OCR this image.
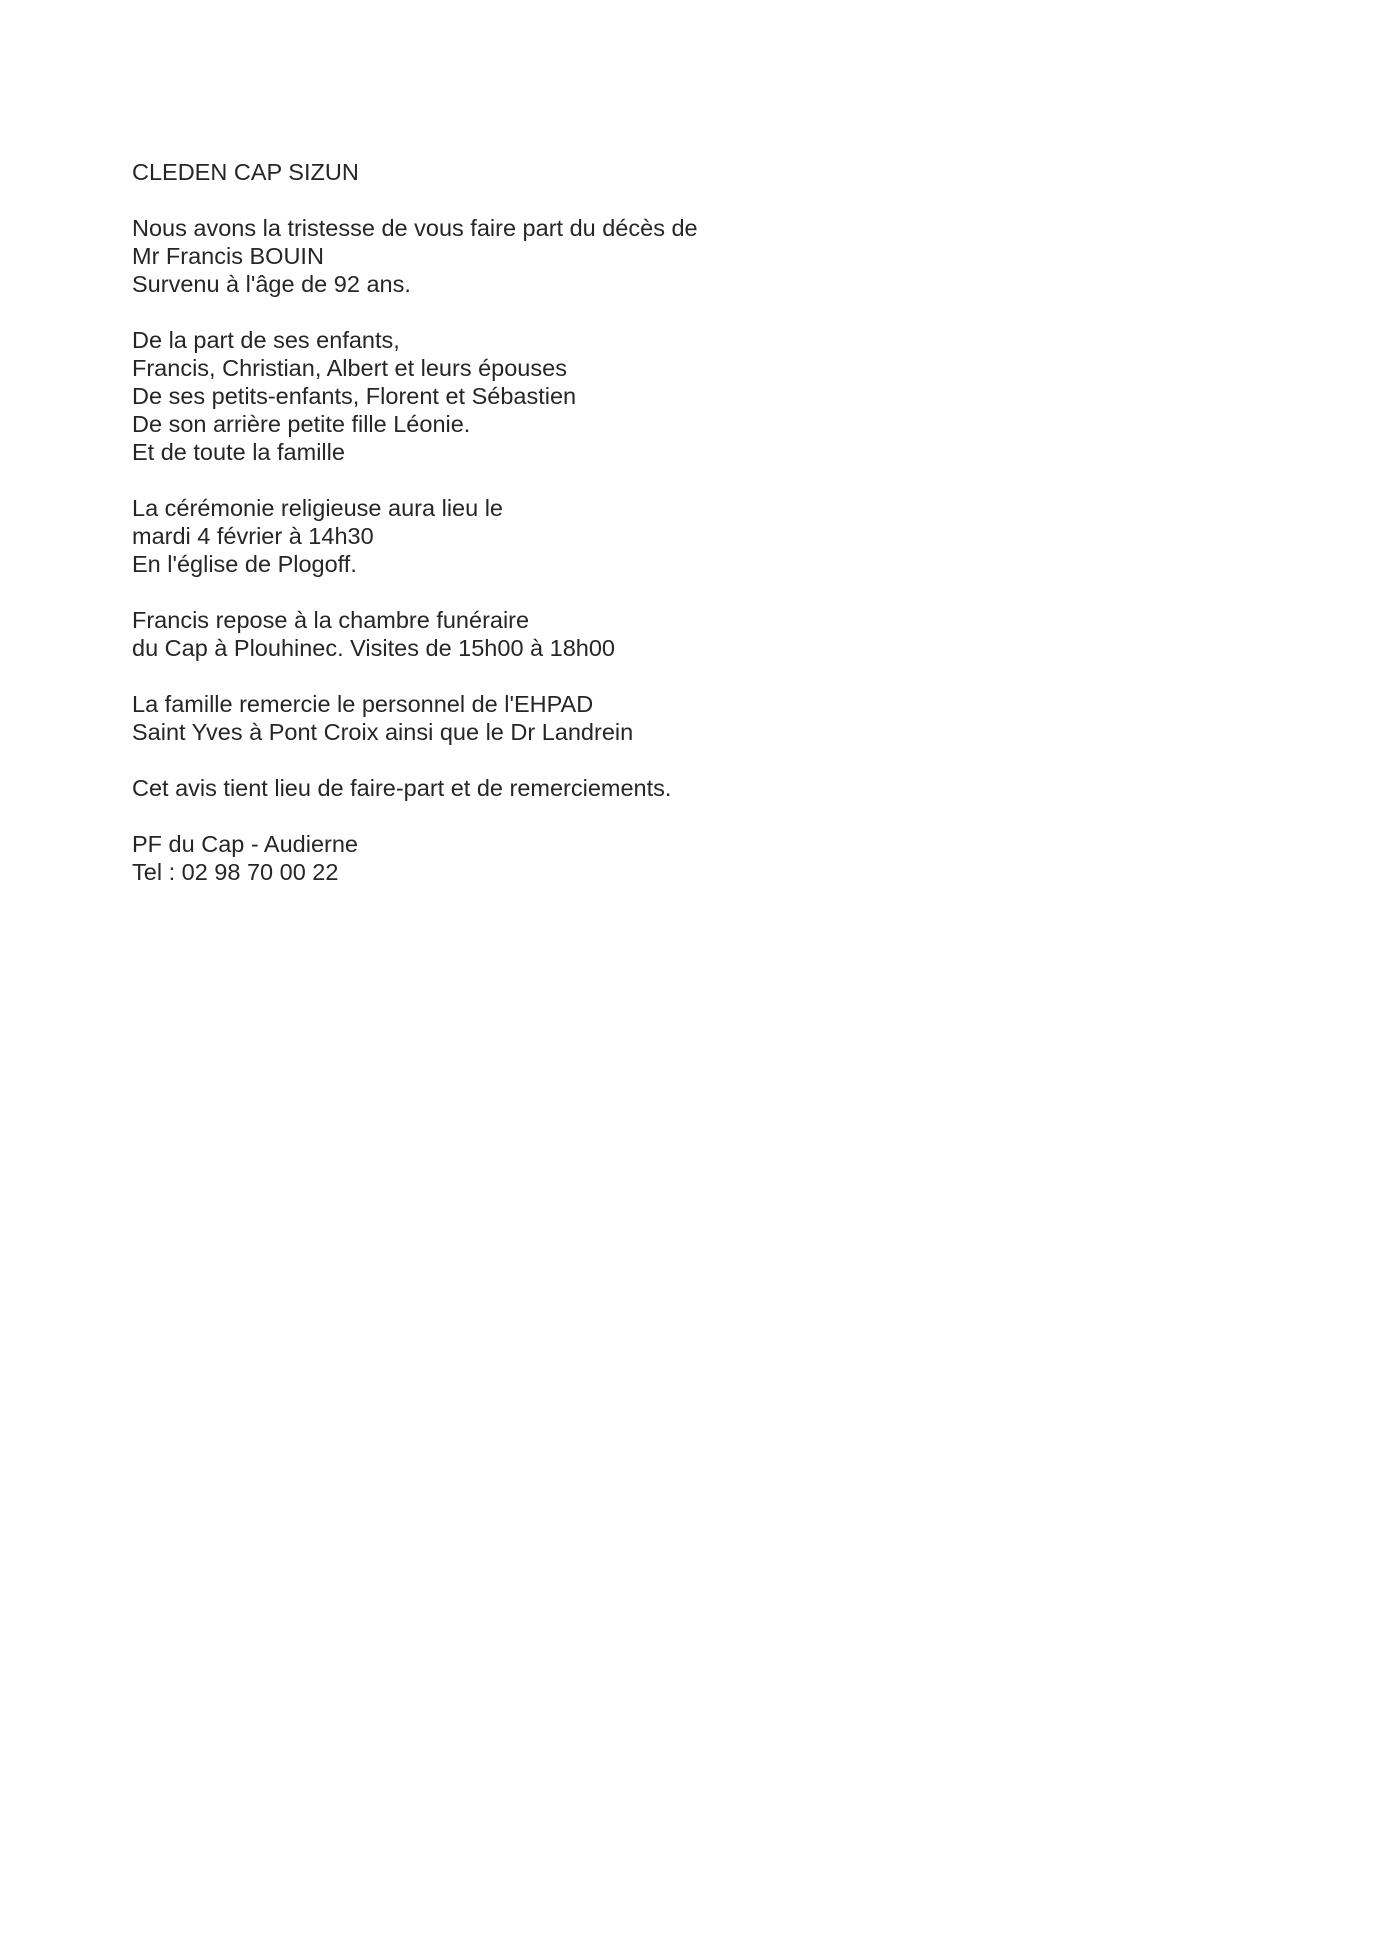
CLEDEN CAP SIZUN
Nous avons la tristesse de vous faire part du décès de
Mr Francis BOUIN
Survenu à l'âge de 92 ans.
De la part de ses enfants,
Francis, Christian, Albert et leurs épouses
De ses petits-enfants, Florent et Sébastien
De son arrière petite fille Léonie.
Et de toute la famille
La cérémonie religieuse aura lieu le
mardi 4 février à 14h30
En l'église de Plogoff.
Francis repose à la chambre funéraire
du Cap à Plouhinec. Visites de 15h00 à 18h00
La famille remercie le personnel de l'EHPAD
Saint Yves à Pont Croix ainsi que le Dr Landrein
Cet avis tient lieu de faire-part et de remerciements.
PF du Cap - Audierne
Tel : 02 98 70 00 22
